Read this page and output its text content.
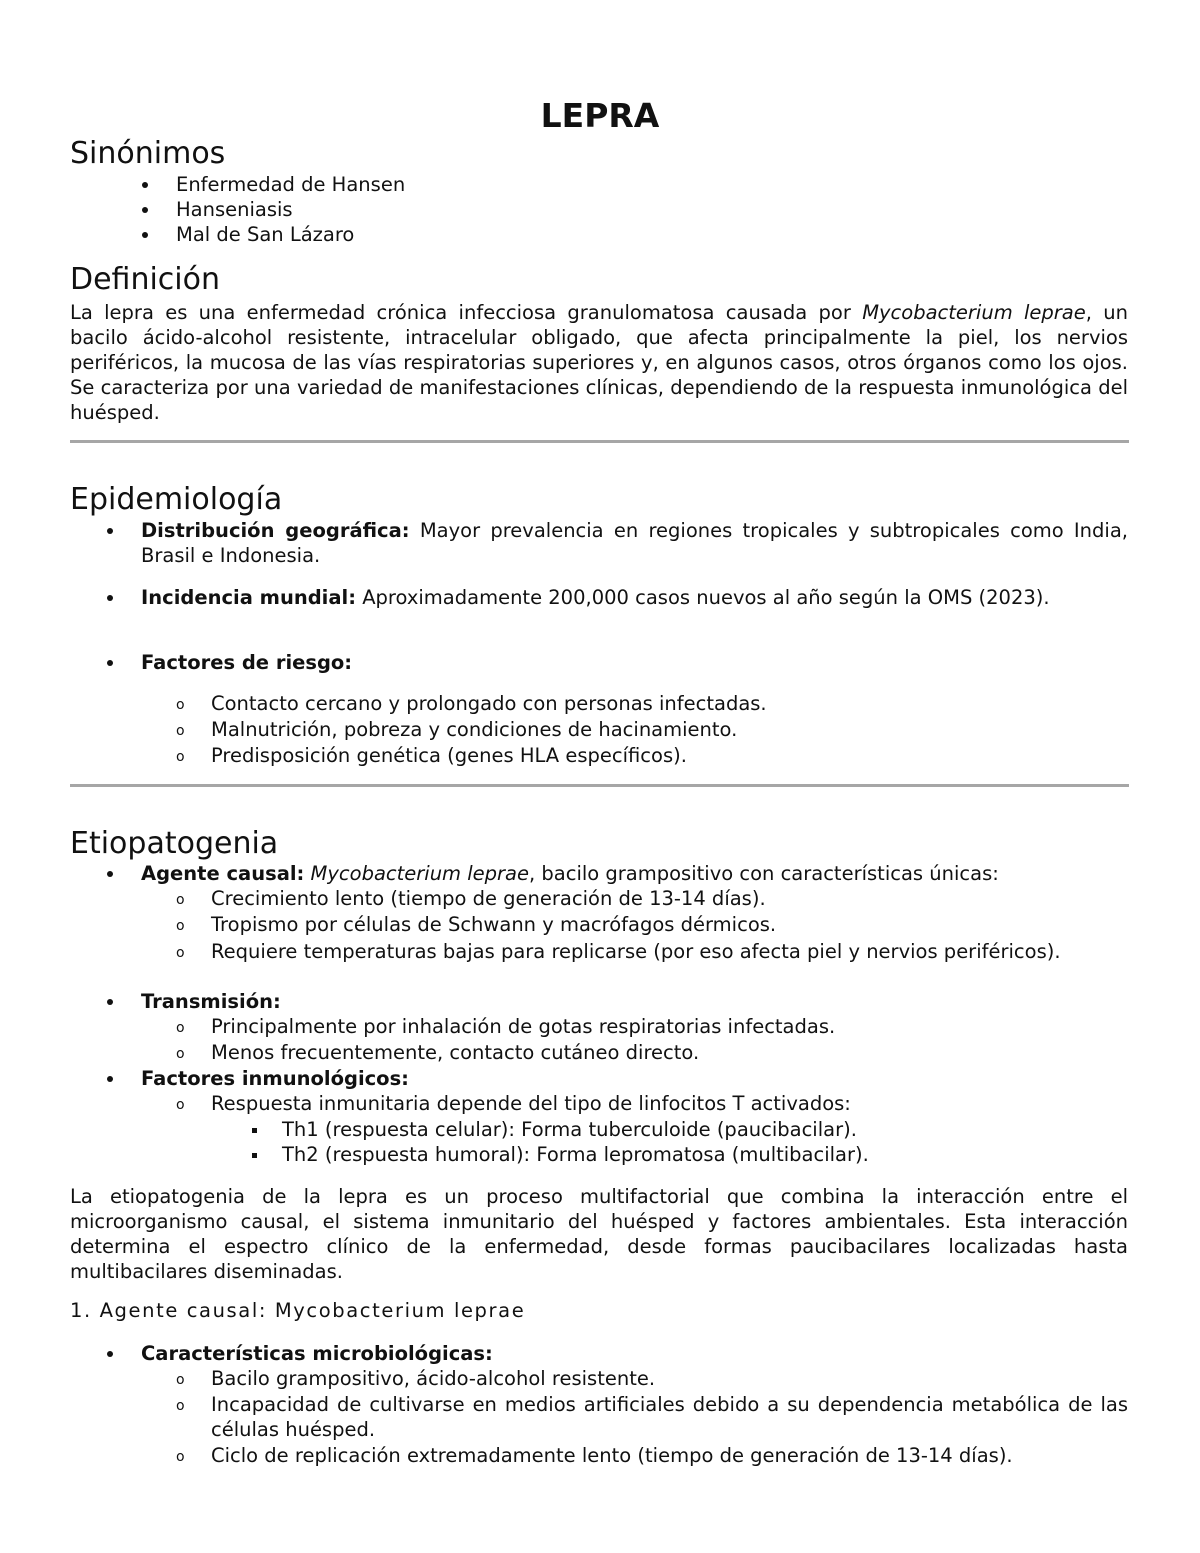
LEPRA
Sinónimos
Enfermedad de Hansen
Hanseniasis
Mal de San Lázaro
Definición
La lepra es una enfermedad crónica infecciosa granulomatosa causada por Mycobacterium leprae, un bacilo ácido-alcohol resistente, intracelular obligado, que afecta principalmente la piel, los nervios periféricos, la mucosa de las vías respiratorias superiores y, en algunos casos, otros órganos como los ojos. Se caracteriza por una variedad de manifestaciones clínicas, dependiendo de la respuesta inmunológica del huésped.
Epidemiología
Distribución geográfica: Mayor prevalencia en regiones tropicales y subtropicales como India, Brasil e Indonesia.
Incidencia mundial: Aproximadamente 200,000 casos nuevos al año según la OMS (2023).
Factores de riesgo:
o Contacto cercano y prolongado con personas infectadas.
o Malnutrición, pobreza y condiciones de hacinamiento.
o Predisposición genética (genes HLA específicos).
Etiopatogenia
Agente causal: Mycobacterium leprae, bacilo grampositivo con características únicas:
o Crecimiento lento (tiempo de generación de 13-14 días).
o Tropismo por células de Schwann y macrófagos dérmicos.
o Requiere temperaturas bajas para replicarse (por eso afecta piel y nervios periféricos).
Transmisión:
o Principalmente por inhalación de gotas respiratorias infectadas.
o Menos frecuentemente, contacto cutáneo directo.
Factores inmunológicos:
o Respuesta inmunitaria depende del tipo de linfocitos T activados:
Th1 (respuesta celular): Forma tuberculoide (paucibacilar).
Th2 (respuesta humoral): Forma lepromatosa (multibacilar).
La etiopatogenia de la lepra es un proceso multifactorial que combina la interacción entre el microorganismo causal, el sistema inmunitario del huésped y factores ambientales. Esta interacción determina el espectro clínico de la enfermedad, desde formas paucibacilares localizadas hasta multibacilares diseminadas.
1. Agente causal: Mycobacterium leprae
Características microbiológicas:
o Bacilo grampositivo, ácido-alcohol resistente.
o Incapacidad de cultivarse en medios artificiales debido a su dependencia metabólica de las células huésped.
o Ciclo de replicación extremadamente lento (tiempo de generación de 13-14 días).
